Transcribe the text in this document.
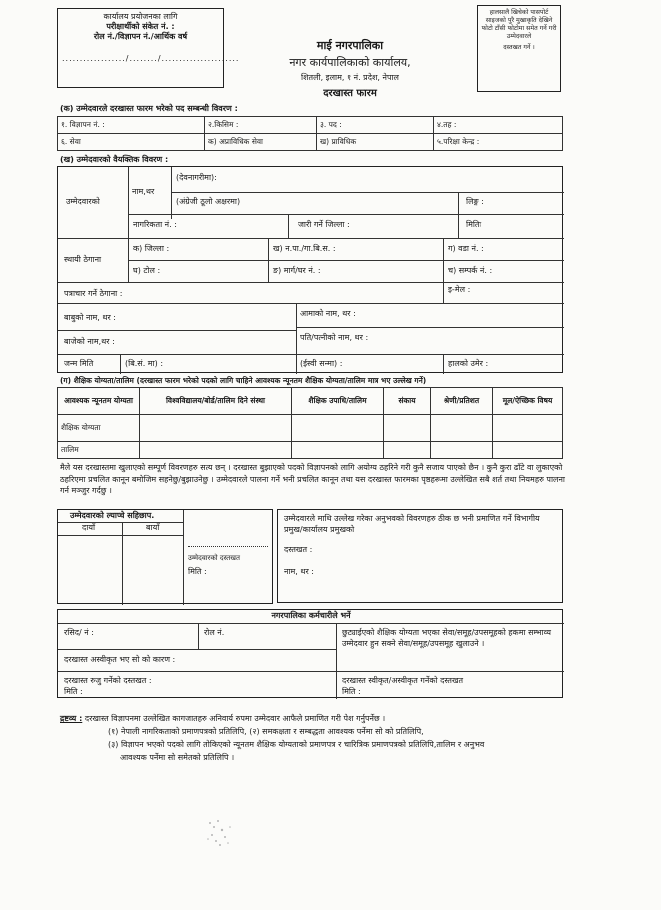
कार्यालय प्रयोजनका लागि
परीक्षार्थीको संकेत नं. :
रोल नं./विज्ञापन नं./आर्थिक वर्ष
................../......../......................
हालसालै खिचेको पासपोर्ट साइजको पुरै मुखाकृति देखिने फोटो टाँसी फोटोमा समेत गर्ने गरी उम्मेदवारले
दस्तखत गर्ने ।
माई नगरपालिका
नगर कार्यपालिकाको कार्यालय,
शितली, इलाम, १ नं. प्रदेश, नेपाल
दरखास्त फारम
(क) उम्मेदवारले दरखास्त फारम भरेको पद सम्बन्धी विवरण :
१. विज्ञापन नं. :	२.किसिम :	३. पद :	४.तह :
६. सेवा	क) अप्राविधिक सेवा	ख) प्राविधिक	५.परिक्षा केन्द्र :
(ख) उम्मेदवारको वैयक्तिक विवरण :
उम्मेदवारको
नाम,थर
(देवनागरीमा):
(अंग्रेजी ठूलो अक्षरमा)	लिङ्ग :
नागरिकता नं. :	जारी गर्ने जिल्ला :	मितिः
स्थायी ठेगाना
क) जिल्ला :	ख) न.पा./गा.बि.स. :	ग) वडा नं. :
घ) टोल :	ङ) मार्ग/घर नं. :	च) सम्पर्क नं. :
पत्राचार गर्ने ठेगाना :	इ-मेल :
बाबुको नाम, थर :	आमाको नाम, थर :
बाजेको नाम,थर :	पति/पत्नीको नाम, थर :
जन्म मिति	(बि.सं. मा) :	(ईस्वी सन्मा) :	हालको उमेर :
(ग) शैक्षिक योग्यता/तालिम (दरखास्त फारम भरेको पदको लागि चाहिने आवश्यक न्यूनतम शैक्षिक योग्यता/तालिम मात्र भए उल्लेख गर्ने)
आवश्यक न्यूनतम योग्यता	विश्वविद्यालय/बोर्ड/तालिम दिने संस्था	शैक्षिक उपाधि/तालिम	संकाय	श्रेणी/प्रतिशत	मूल/ऐच्छिक विषय
शैक्षिक योग्यता					
तालिम					
मैले यस दरखास्तमा खुलाएको सम्पूर्ण विवरणहरु सत्य छन् । दरखास्त बुझाएको पदको विज्ञापनको लागि अयोग्य ठहरिने गरी कुनै सजाय पाएको छैन । कुनै कुरा ढाँटे वा लुकाएको ठहरिएमा प्रचलित कानून बमोजिम सहनेछु/बुझाउनेछु । उम्मेदवारले पालना गर्ने भनी प्रचलित कानून तथा यस दरखास्त फारमका पृष्ठहरूमा उल्लेखित सबै शर्त तथा नियमहरु पालना गर्न मञ्जुर गर्दछु ।
उम्मेदवारको ल्याप्चे सहिछाप.
दायाँ	बायाँ
उम्मेदवारको दस्तखत
मिति :
उम्मेदवारले माथि उल्लेख गरेका अनुभवको विवरणहरु ठीक छ भनी प्रमाणित गर्ने विभागीय प्रमुख/कार्यालय प्रमुखको
दस्तखत :
नाम, थर :
नगरपालिका कर्मचारीले भर्ने
रसिद/ नं :	रोल नं.	छुट्याईएको शैक्षिक योग्यता भएका सेवा/समूह/उपसमूहको हकमा सम्भाव्य उम्मेदवार हुन सक्ने सेवा/समूह/उपसमूह खुलाउने ।
दरखास्त अस्वीकृत भए सो को कारण :
दरखास्त रुजु गर्नेको दस्तखत :
मिति :
दरखास्त स्वीकृत/अस्वीकृत गर्नेको दस्तखत
मिति :
द्रष्टव्य : दरखास्त विज्ञापनमा उल्लेखित कागजातहरु अनिवार्य रुपमा उम्मेदवार आफैले प्रमाणित गरी पेश गर्नुपर्नेछ ।
(१) नेपाली नागरिकताको प्रमाणपत्रको प्रतिलिपि, (२) समकक्षता र सम्बद्धता आवश्यक पर्नेमा सो को प्रतिलिपि,
(३) विज्ञापन भएको पदको लागि तोकिएको न्यूनतम शैक्षिक योग्यताको प्रमाणपत्र र चारित्रिक प्रमाणपत्रको प्रतिलिपि,तालिम र अनुभव
आवश्यक पर्नेमा सो समेतको प्रतिलिपि ।
